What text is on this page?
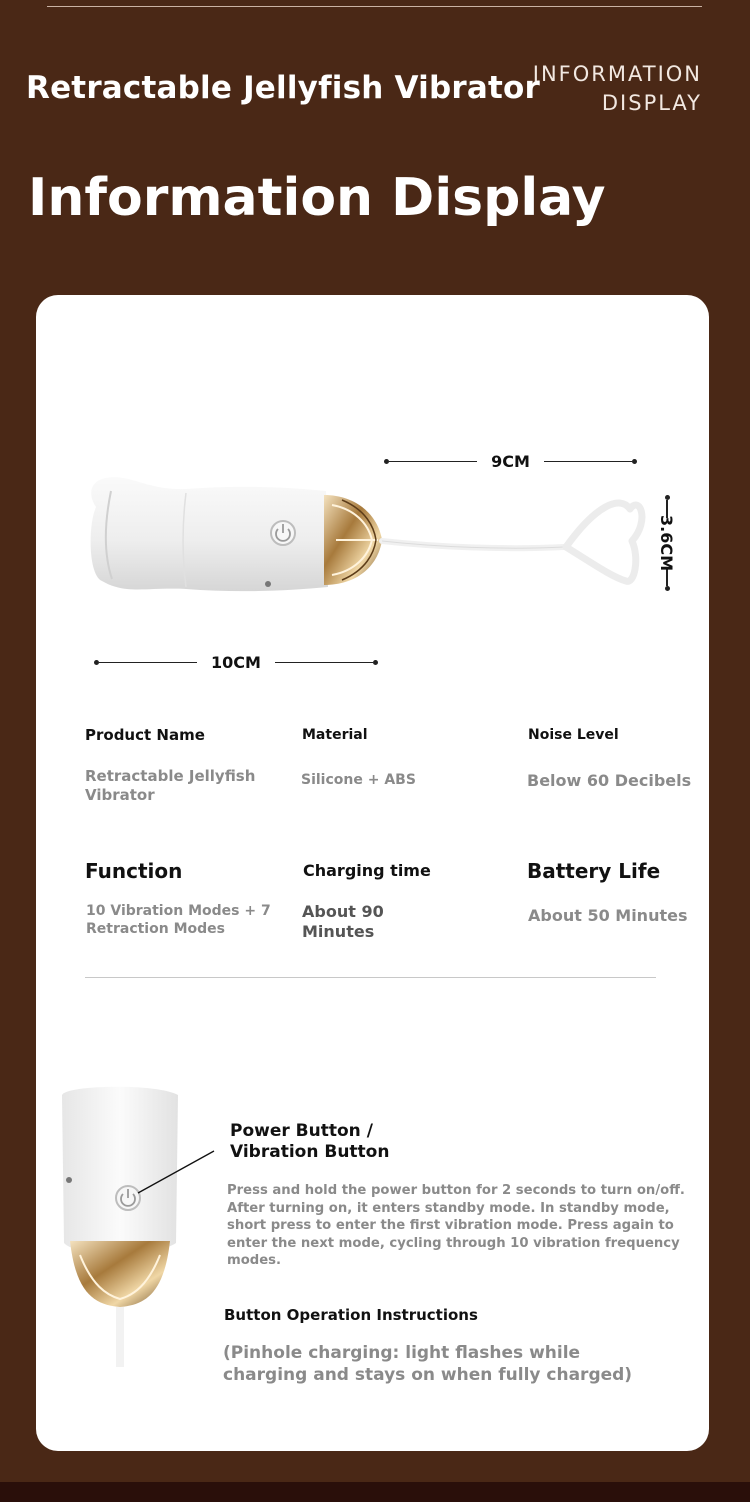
Retractable Jellyfish Vibrator
INFORMATION
DISPLAY
Information Display
9CM
3.6CM
10CM
Product Name
Retractable Jellyfish Vibrator
Material
Silicone + ABS
Noise Level
Below 60 Decibels
Function
10 Vibration Modes + 7 Retraction Modes
Charging time
About 90 Minutes
Battery Life
About 50 Minutes
Power Button /
Vibration Button
Press and hold the power button for 2 seconds to turn on/off. After turning on, it enters standby mode. In standby mode, short press to enter the first vibration mode. Press again to enter the next mode, cycling through 10 vibration frequency modes.
Button Operation Instructions
(Pinhole charging: light flashes while charging and stays on when fully charged)
